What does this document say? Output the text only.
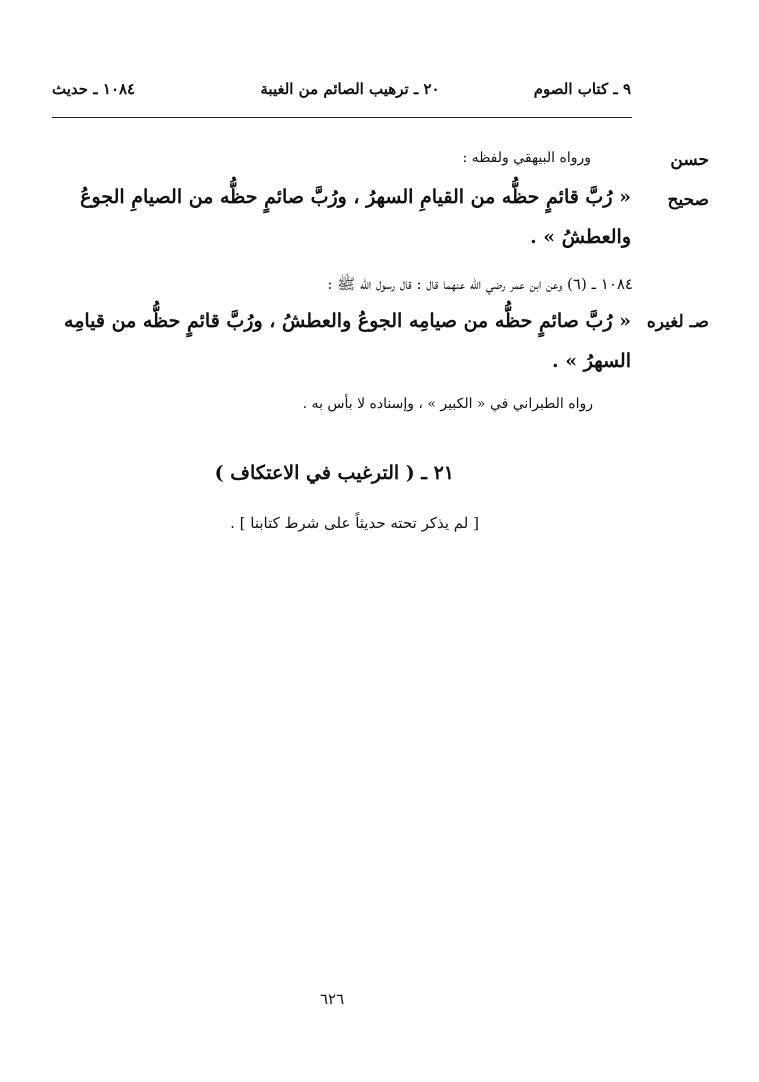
٩ ـ كتاب الصوم
٢٠ ـ ترهيب الصائم من الغيبة
١٠٨٤ ـ حديث
حسن
ورواه البيهقي ولفظه :
صحيح
« رُبَّ قائمٍ حظُّه من القيامِ السهرُ ، ورُبَّ صائمٍ حظُّه من الصيامِ الجوعُ
والعطشُ » .
١٠٨٤ ـ (٦) وعن ابن عمر رضي الله عنهما قال : قال رسول الله ﷺ :
صـ لغيره
« رُبَّ صائمٍ حظُّه من صيامِه الجوعُ والعطشُ ، ورُبَّ قائمٍ حظُّه من قيامِه
السهرُ » .
رواه الطبراني في « الكبير » ، وإسناده لا بأس به .
٢١ ـ ( الترغيب في الاعتكاف )
[ لم يذكر تحته حديثاً على شرط كتابنا ] .
٦٢٦
